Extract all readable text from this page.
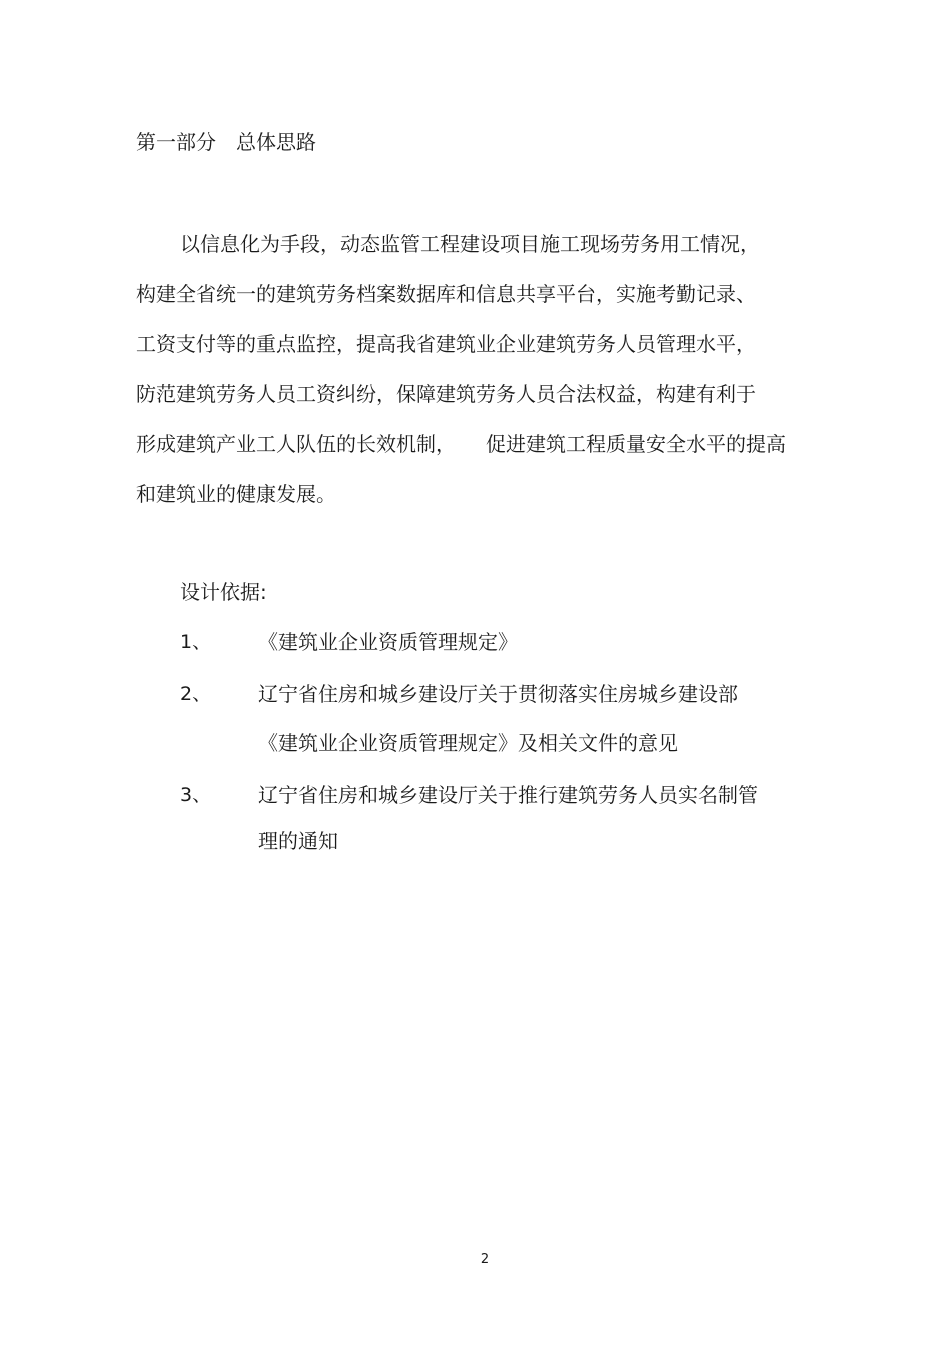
第一部分 总体思路
以信息化为手段，动态监管工程建设项目施工现场劳务用工情况，
构建全省统一的建筑劳务档案数据库和信息共享平台，实施考勤记录、
工资支付等的重点监控，提高我省建筑业企业建筑劳务人员管理水平，
防范建筑劳务人员工资纠纷，保障建筑劳务人员合法权益，构建有利于
形成建筑产业工人队伍的长效机制，　　促进建筑工程质量安全水平的提高
和建筑业的健康发展。
设计依据:
1、 《建筑业企业资质管理规定》
2、 辽宁省住房和城乡建设厅关于贯彻落实住房城乡建设部
《建筑业企业资质管理规定》及相关文件的意见
3、 辽宁省住房和城乡建设厅关于推行建筑劳务人员实名制管
理的通知
2
